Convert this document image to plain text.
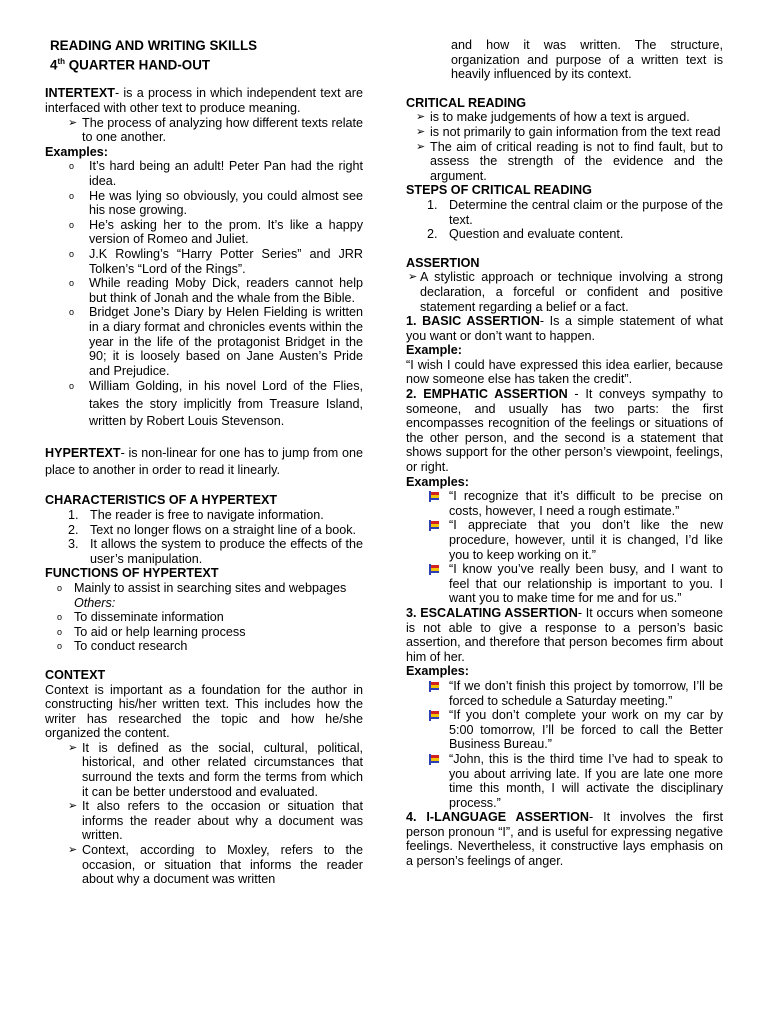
READING AND WRITING SKILLS
4th QUARTER HAND-OUT
INTERTEXT- is a process in which independent text are interfaced with other text to produce meaning.
➢ The process of analyzing how different texts relate to one another.
Examples:
o	It’s hard being an adult! Peter Pan had the right idea.
o	He was lying so obviously, you could almost see his nose growing.
o	He’s asking her to the prom. It’s like a happy version of Romeo and Juliet.
o	J.K Rowling’s “Harry Potter Series” and JRR Tolken’s “Lord of the Rings”.
o	While reading Moby Dick, readers cannot help but think of Jonah and the whale from the Bible.
o	Bridget Jone’s Diary by Helen Fielding is written in a diary format and chronicles events within the year in the life of the protagonist Bridget in the 90; it is loosely based on Jane Austen’s Pride and Prejudice.
o	William Golding, in his novel Lord of the Flies, takes the story implicitly from Treasure Island, written by Robert Louis Stevenson.
HYPERTEXT- is non-linear for one has to jump from one place to another in order to read it linearly.
CHARACTERISTICS OF A HYPERTEXT
1. The reader is free to navigate information.
2. Text no longer flows on a straight line of a book.
3. It allows the system to produce the effects of the user’s manipulation.
FUNCTIONS OF HYPERTEXT
o Mainly to assist in searching sites and webpages
Others:
o To disseminate information
o To aid or help learning process
o To conduct research
CONTEXT
Context is important as a foundation for the author in constructing his/her written text. This includes how the writer has researched the topic and how he/she organized the content.
➢ It is defined as the social, cultural, political, historical, and other related circumstances that surround the texts and form the terms from which it can be better understood and evaluated.
➢ It also refers to the occasion or situation that informs the reader about why a document was written.
➢ Context, according to Moxley, refers to the occasion, or situation that informs the reader about why a document was written
and how it was written. The structure, organization and purpose of a written text is heavily influenced by its context.
CRITICAL READING
➢ is to make judgements of how a text is argued.
➢ is not primarily to gain information from the text read
➢ The aim of critical reading is not to find fault, but to assess the strength of the evidence and the argument.
STEPS OF CRITICAL READING
1. Determine the central claim or the purpose of the text.
2. Question and evaluate content.
ASSERTION
➢ A stylistic approach or technique involving a strong declaration, a forceful or confident and positive statement regarding a belief or a fact.
1. BASIC ASSERTION- Is a simple statement of what you want or don’t want to happen.
Example:
“I wish I could have expressed this idea earlier, because now someone else has taken the credit”.
2. EMPHATIC ASSERTION - It conveys sympathy to someone, and usually has two parts: the first encompasses recognition of the feelings or situations of the other person, and the second is a statement that shows support for the other person’s viewpoint, feelings, or right.
Examples:
“I recognize that it’s difficult to be precise on costs, however, I need a rough estimate.”
“I appreciate that you don’t like the new procedure, however, until it is changed, I’d like you to keep working on it.”
“I know you’ve really been busy, and I want to feel that our relationship is important to you. I want you to make time for me and for us.”
3. ESCALATING ASSERTION- It occurs when someone is not able to give a response to a person’s basic assertion, and therefore that person becomes firm about him of her.
Examples:
“If we don’t finish this project by tomorrow, I’ll be forced to schedule a Saturday meeting.”
“If you don’t complete your work on my car by 5:00 tomorrow, I’ll be forced to call the Better Business Bureau.”
“John, this is the third time I’ve had to speak to you about arriving late. If you are late one more time this month, I will activate the disciplinary process.”
4. I-LANGUAGE ASSERTION- It involves the first person pronoun “I”, and is useful for expressing negative feelings. Nevertheless, it constructive lays emphasis on a person’s feelings of anger.
